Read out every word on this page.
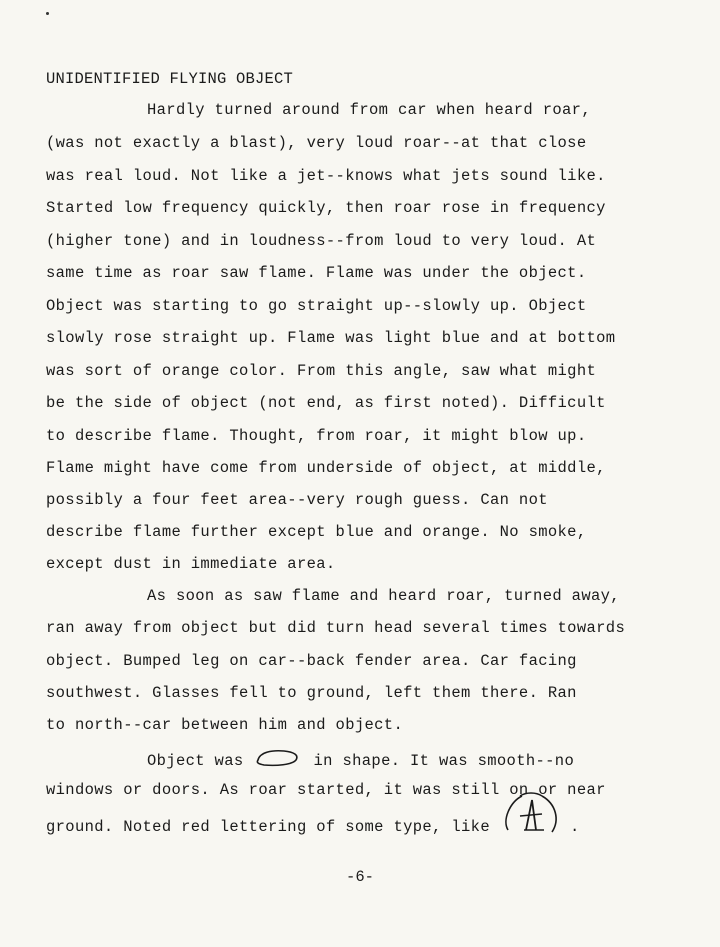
UNIDENTIFIED FLYING OBJECT
Hardly turned around from car when heard roar,
(was not exactly a blast), very loud roar--at that close
was real loud. Not like a jet--knows what jets sound like.
Started low frequency quickly, then roar rose in frequency
(higher tone) and in loudness--from loud to very loud. At
same time as roar saw flame. Flame was under the object.
Object was starting to go straight up--slowly up. Object
slowly rose straight up. Flame was light blue and at bottom
was sort of orange color. From this angle, saw what might
be the side of object (not end, as first noted). Difficult
to describe flame. Thought, from roar, it might blow up.
Flame might have come from underside of object, at middle,
possibly a four feet area--very rough guess. Can not
describe flame further except blue and orange. No smoke,
except dust in immediate area.
As soon as saw flame and heard roar, turned away,
ran away from object but did turn head several times towards
object. Bumped leg on car--back fender area. Car facing
southwest. Glasses fell to ground, left them there. Ran
to north--car between him and object.
Object was	in shape. It was smooth--no
windows or doors. As roar started, it was still on or near
ground. Noted red lettering of some type, like	.
-6-
